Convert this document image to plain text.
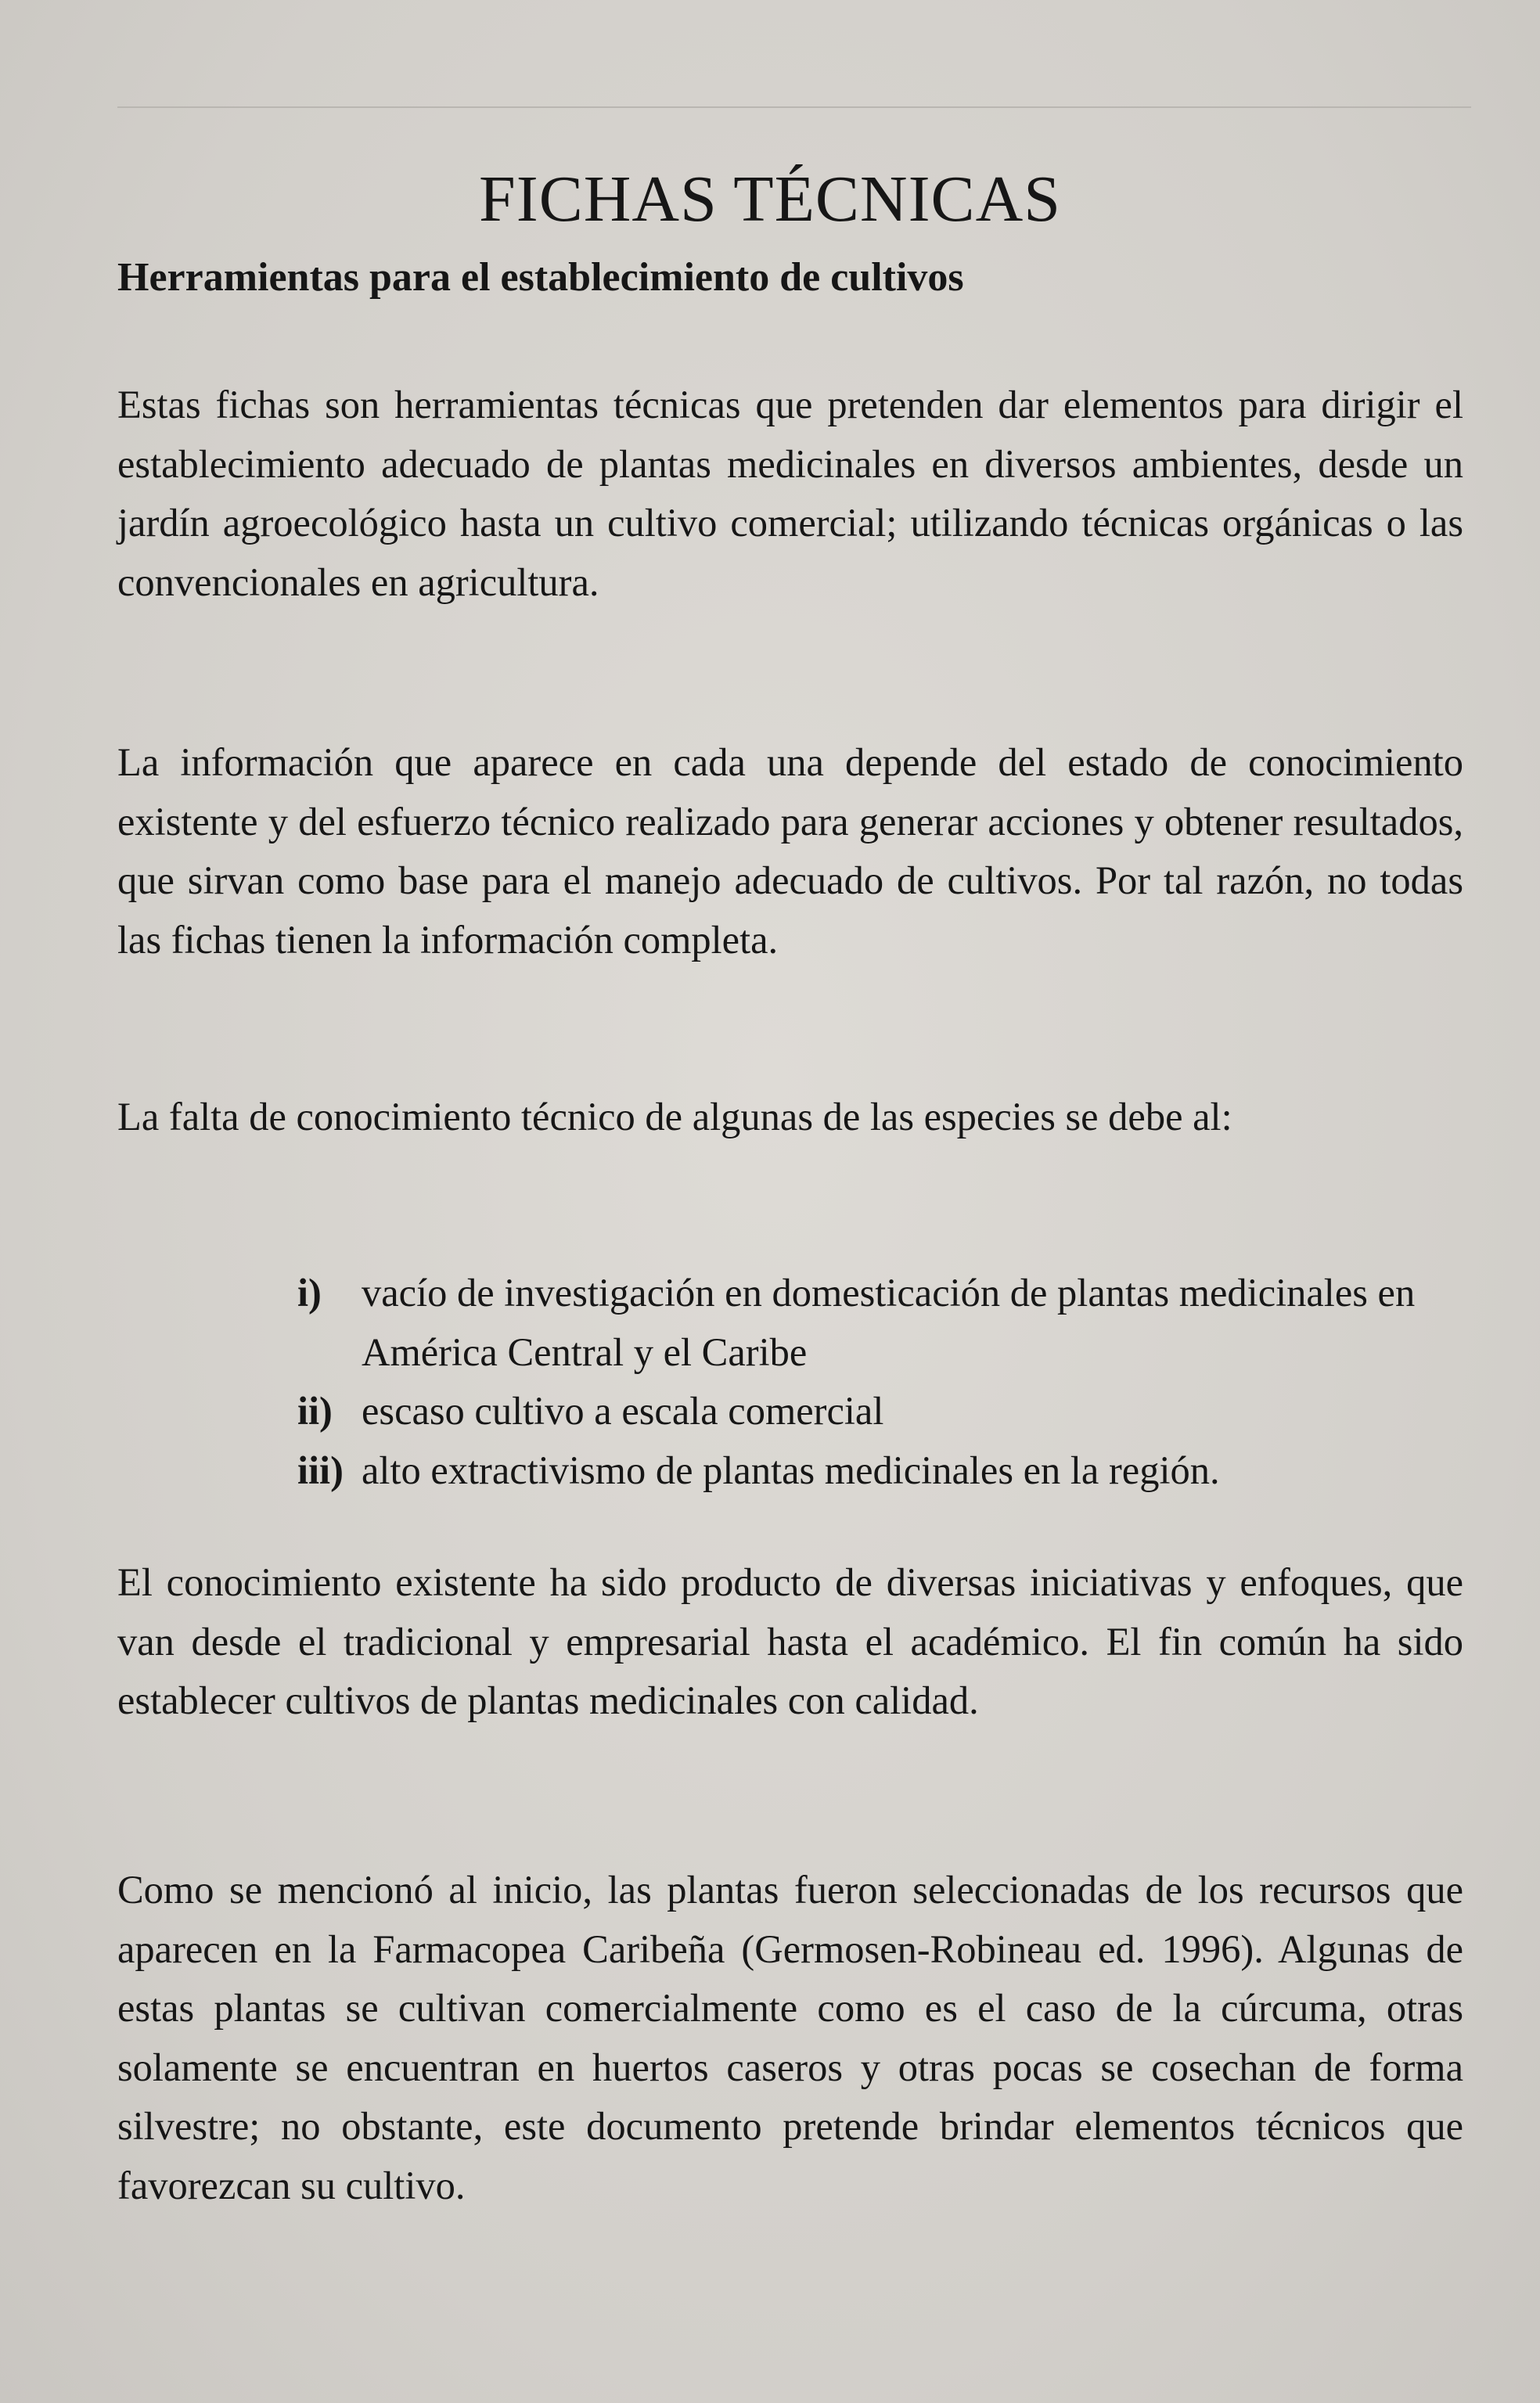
FICHAS TÉCNICAS
Herramientas para el establecimiento de cultivos

Estas fichas son herramientas técnicas que pretenden dar elementos para dirigir el establecimiento adecuado de plantas medicinales en diversos ambientes, desde un jardín agroecológico hasta un cultivo comercial; utilizando técnicas orgánicas o las convencionales en agricultura.

La información que aparece en cada una depende del estado de conocimiento existente y del esfuerzo técnico realizado para generar acciones y obtener resultados, que sirvan como base para el manejo adecuado de cultivos. Por tal razón, no todas las fichas tienen la información completa.

La falta de conocimiento técnico de algunas de las especies se debe al:

i) vacío de investigación en domesticación de plantas medicinales en América Central y el Caribe
ii) escaso cultivo a escala comercial
iii) alto extractivismo de plantas medicinales en la región.

El conocimiento existente ha sido producto de diversas iniciativas y enfoques, que van desde el tradicional y empresarial hasta el académico. El fin común ha sido establecer cultivos de plantas medicinales con calidad.

Como se mencionó al inicio, las plantas fueron seleccionadas de los recursos que aparecen en la Farmacopea Caribeña (Germosen-Robineau ed. 1996). Algunas de estas plantas se cultivan comercialmente como es el caso de la cúrcuma, otras solamente se encuentran en huertos caseros y otras pocas se cosechan de forma silvestre; no obstante, este documento pretende brindar elementos técnicos que favorezcan su cultivo.
